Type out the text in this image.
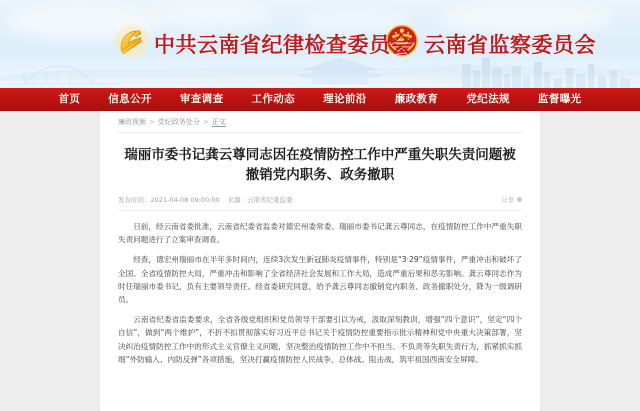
中共云南省纪律检查委员会 云南省监察委员会
首页	信息公开	审查调查	工作动态	理论前沿	廉政教育	党纪法规	监督曝光
廉政视频 > 党纪政务处分 > 正文
瑞丽市委书记龚云尊同志因在疫情防控工作中严重失职失责问题被撤销党内职务、政务撤职
发布时间： 2021-04-08 09:00:00 来源： 云南省纪委监委	分享

日前，经云南省委批准，云南省纪委省监委对德宏州委常委、瑞丽市委书记龚云尊同志，在疫情防控工作中严重失职失责问题进行了立案审查调查。

经查，德宏州瑞丽市在半年多时间内，连续3次发生新冠肺炎疫情事件，特别是“3·29”疫情事件，严重冲击和破坏了全国、全省疫情防控大局，严重冲击和影响了全省经济社会发展和工作大局，造成严重后果和恶劣影响。龚云尊同志作为时任瑞丽市委书记，负有主要领导责任。经省委研究同意，给予龚云尊同志撤销党内职务、政务撤职处分，降为一级调研员。

云南省纪委省监委要求，全省各级党组织和党员领导干部要引以为戒，汲取深刻教训，增强“四个意识”，坚定“四个自信”，做到“两个维护”，不折不扣贯彻落实好习近平总书记关于疫情防控重要指示批示精神和党中央重大决策部署，坚决纠治疫情防控工作中的形式主义官僚主义问题，坚决整治疫情防控工作中不担当、不负责等失职失责行为，抓紧抓实抓细“外防输入、内防反弹”各项措施，坚决打赢疫情防控人民战争、总体战、阻击战，筑牢祖国西南安全屏障。
